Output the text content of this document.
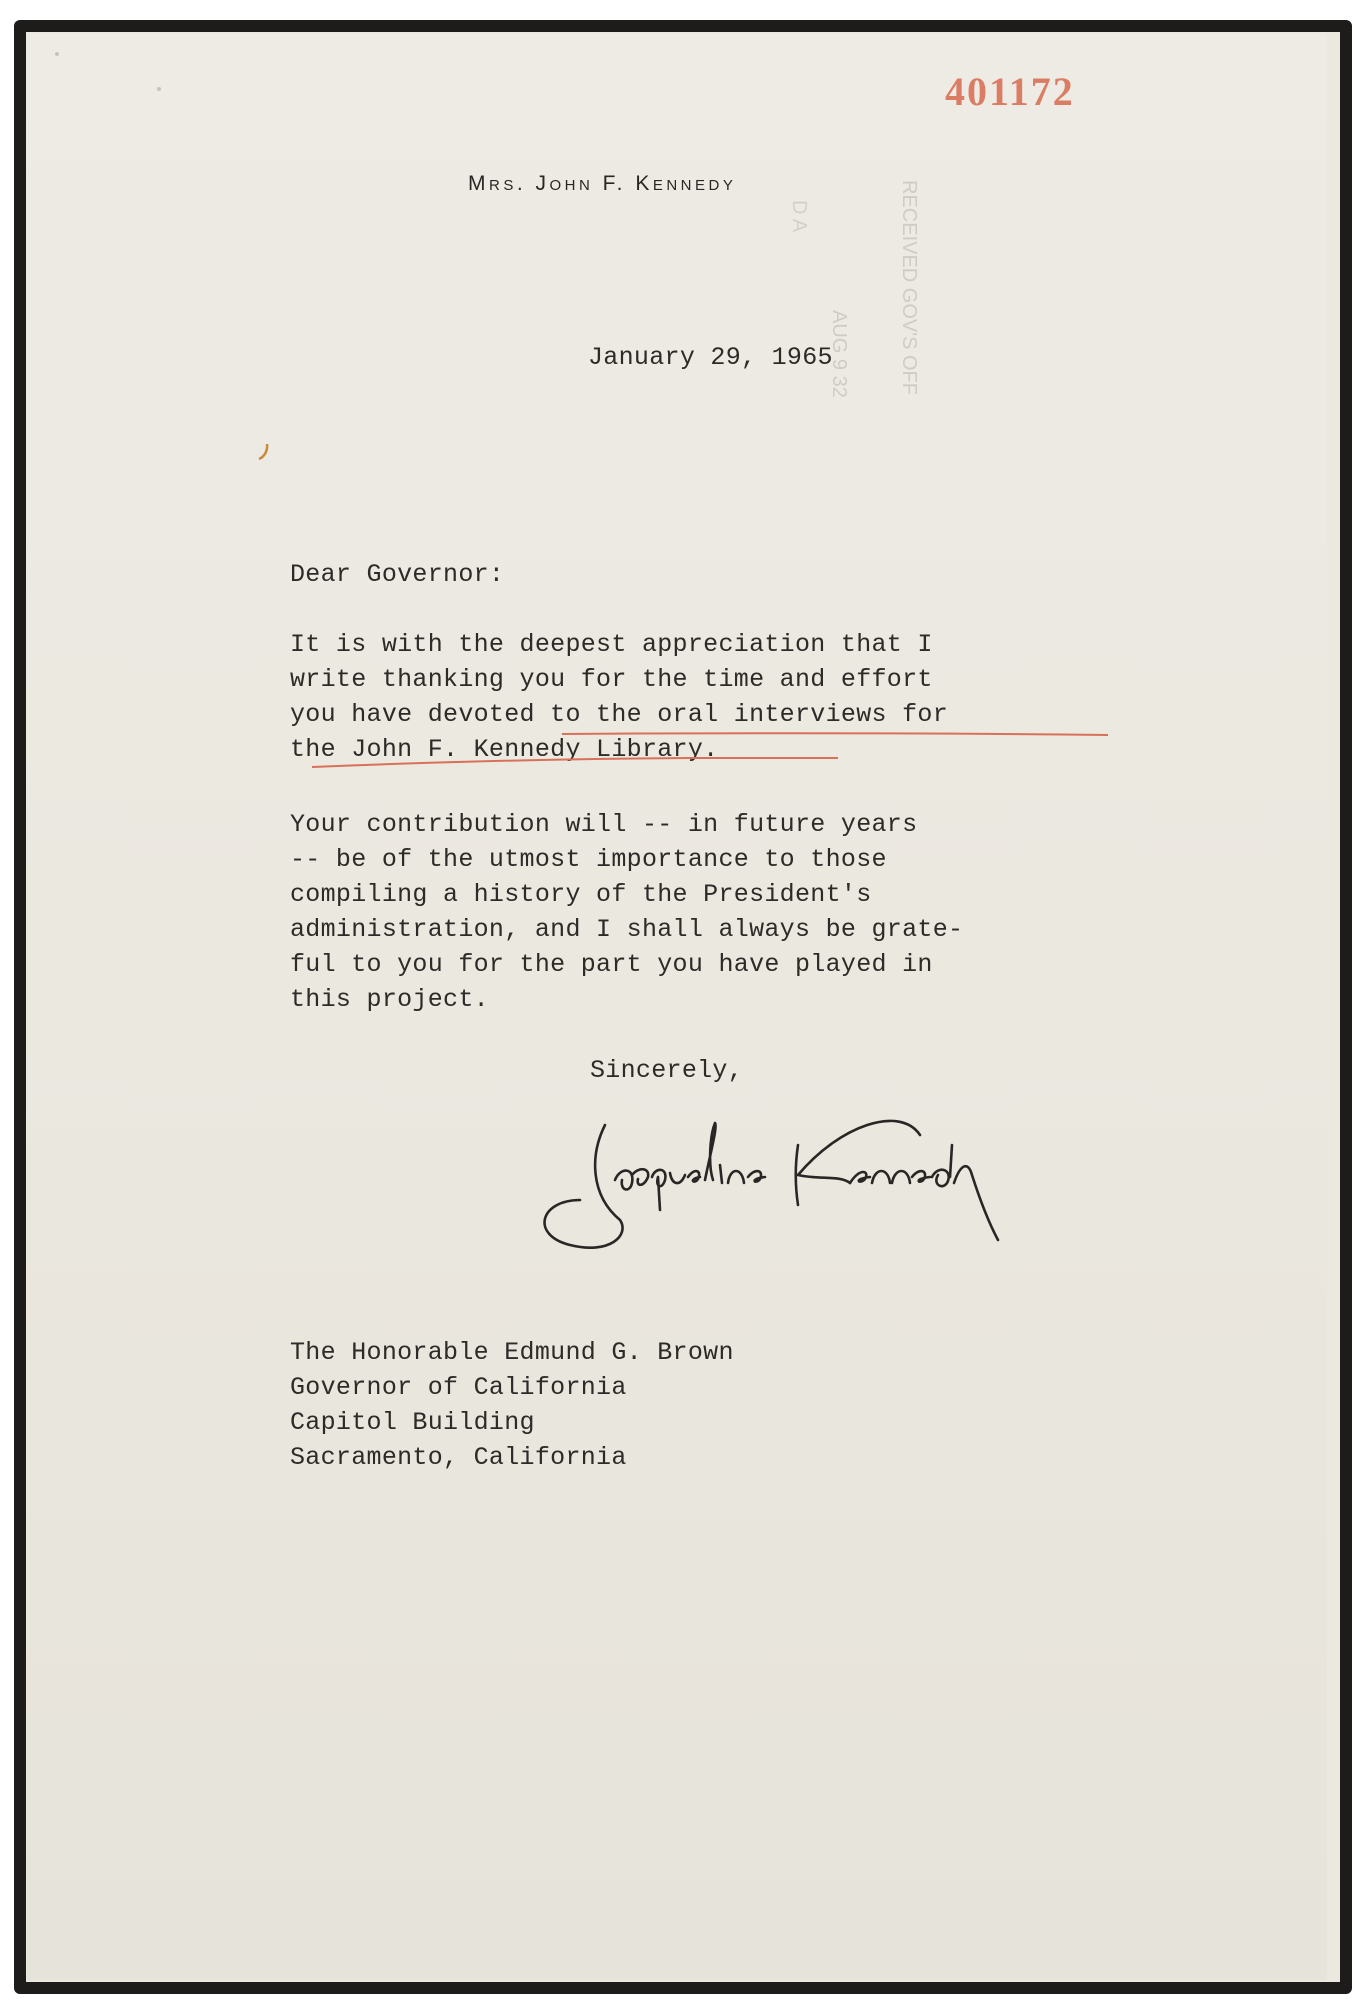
401172
Mrs. John F. Kennedy
D A	RECEIVED GOV'S OFF
AUG 9 32
January 29, 1965
Dear Governor:
It is with the deepest appreciation that I
write thanking you for the time and effort
you have devoted to the oral interviews for
the John F. Kennedy Library.
Your contribution will -- in future years
-- be of the utmost importance to those
compiling a history of the President's
administration, and I shall always be grate-
ful to you for the part you have played in
this project.
Sincerely,
The Honorable Edmund G. Brown
Governor of California
Capitol Building
Sacramento, California
